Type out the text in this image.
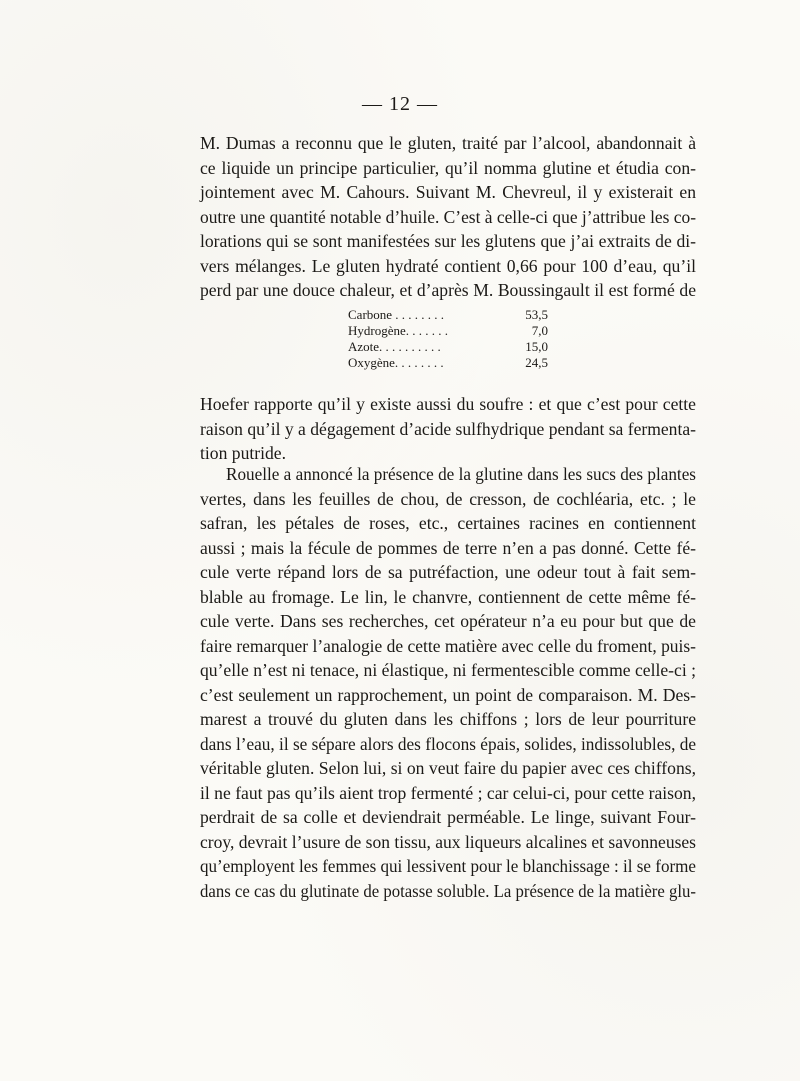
— 12 —
M. Dumas a reconnu que le gluten, traité par l’alcool, abandonnait à
ce liquide un principe particulier, qu’il nomma glutine et étudia con-
jointement avec M. Cahours. Suivant M. Chevreul, il y existerait en
outre une quantité notable d’huile. C’est à celle-ci que j’attribue les co-
lorations qui se sont manifestées sur les glutens que j’ai extraits de di-
vers mélanges. Le gluten hydraté contient 0,66 pour 100 d’eau, qu’il
perd par une douce chaleur, et d’après M. Boussingault il est formé de
Carbone . . . . . . . .	53,5
Hydrogène. . . . . . .	7,0
Azote. . . . . . . . . .	15,0
Oxygène. . . . . . . .	24,5
Hoefer rapporte qu’il y existe aussi du soufre : et que c’est pour cette
raison qu’il y a dégagement d’acide sulfhydrique pendant sa fermenta-
tion putride.
Rouelle a annoncé la présence de la glutine dans les sucs des plantes
vertes, dans les feuilles de chou, de cresson, de cochléaria, etc. ; le
safran, les pétales de roses, etc., certaines racines en contiennent
aussi ; mais la fécule de pommes de terre n’en a pas donné. Cette fé-
cule verte répand lors de sa putréfaction, une odeur tout à fait sem-
blable au fromage. Le lin, le chanvre, contiennent de cette même fé-
cule verte. Dans ses recherches, cet opérateur n’a eu pour but que de
faire remarquer l’analogie de cette matière avec celle du froment, puis-
qu’elle n’est ni tenace, ni élastique, ni fermentescible comme celle-ci ;
c’est seulement un rapprochement, un point de comparaison. M. Des-
marest a trouvé du gluten dans les chiffons ; lors de leur pourriture
dans l’eau, il se sépare alors des flocons épais, solides, indissolubles, de
véritable gluten. Selon lui, si on veut faire du papier avec ces chiffons,
il ne faut pas qu’ils aient trop fermenté ; car celui-ci, pour cette raison,
perdrait de sa colle et deviendrait perméable. Le linge, suivant Four-
croy, devrait l’usure de son tissu, aux liqueurs alcalines et savonneuses
qu’employent les femmes qui lessivent pour le blanchissage : il se forme
dans ce cas du glutinate de potasse soluble. La présence de la matière glu-
